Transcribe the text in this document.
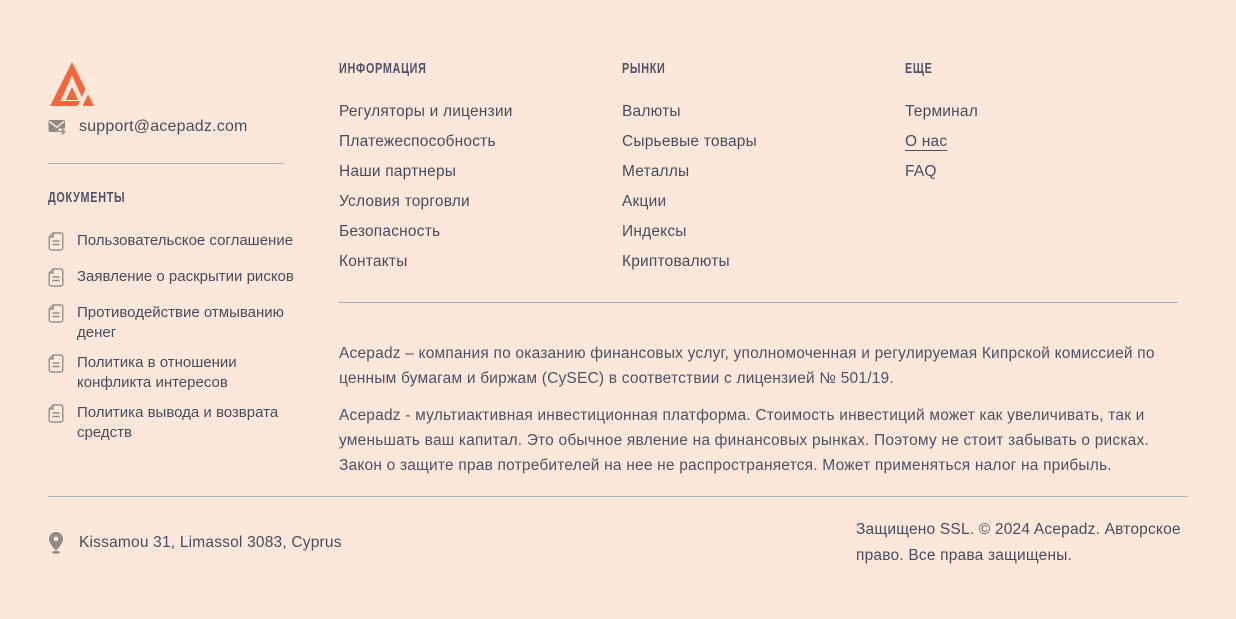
support@acepadz.com
ДОКУМЕНТЫ
Пользовательское соглашение
Заявление о раскрытии рисков
Противодействие отмыванию денег
Политика в отношении конфликта интересов
Политика вывода и возврата средств
ИНФОРМАЦИЯ
Регуляторы и лицензии
Платежеспособность
Наши партнеры
Условия торговли
Безопасность
Контакты
РЫНКИ
Валюты
Сырьевые товары
Металлы
Акции
Индексы
Криптовалюты
ЕЩЕ
Терминал
О нас
FAQ

Acepadz – компания по оказанию финансовых услуг, уполномоченная и регулируемая Кипрской комиссией по ценным бумагам и биржам (CySEC) в соответствии с лицензией № 501/19.

Acepadz - мультиактивная инвестиционная платформа. Стоимость инвестиций может как увеличивать, так и уменьшать ваш капитал. Это обычное явление на финансовых рынках. Поэтому не стоит забывать о рисках. Закон о защите прав потребителей на нее не распространяется. Может применяться налог на прибыль.

Kissamou 31, Limassol 3083, Cyprus
Защищено SSL. © 2024 Acepadz. Авторское право. Все права защищены.
